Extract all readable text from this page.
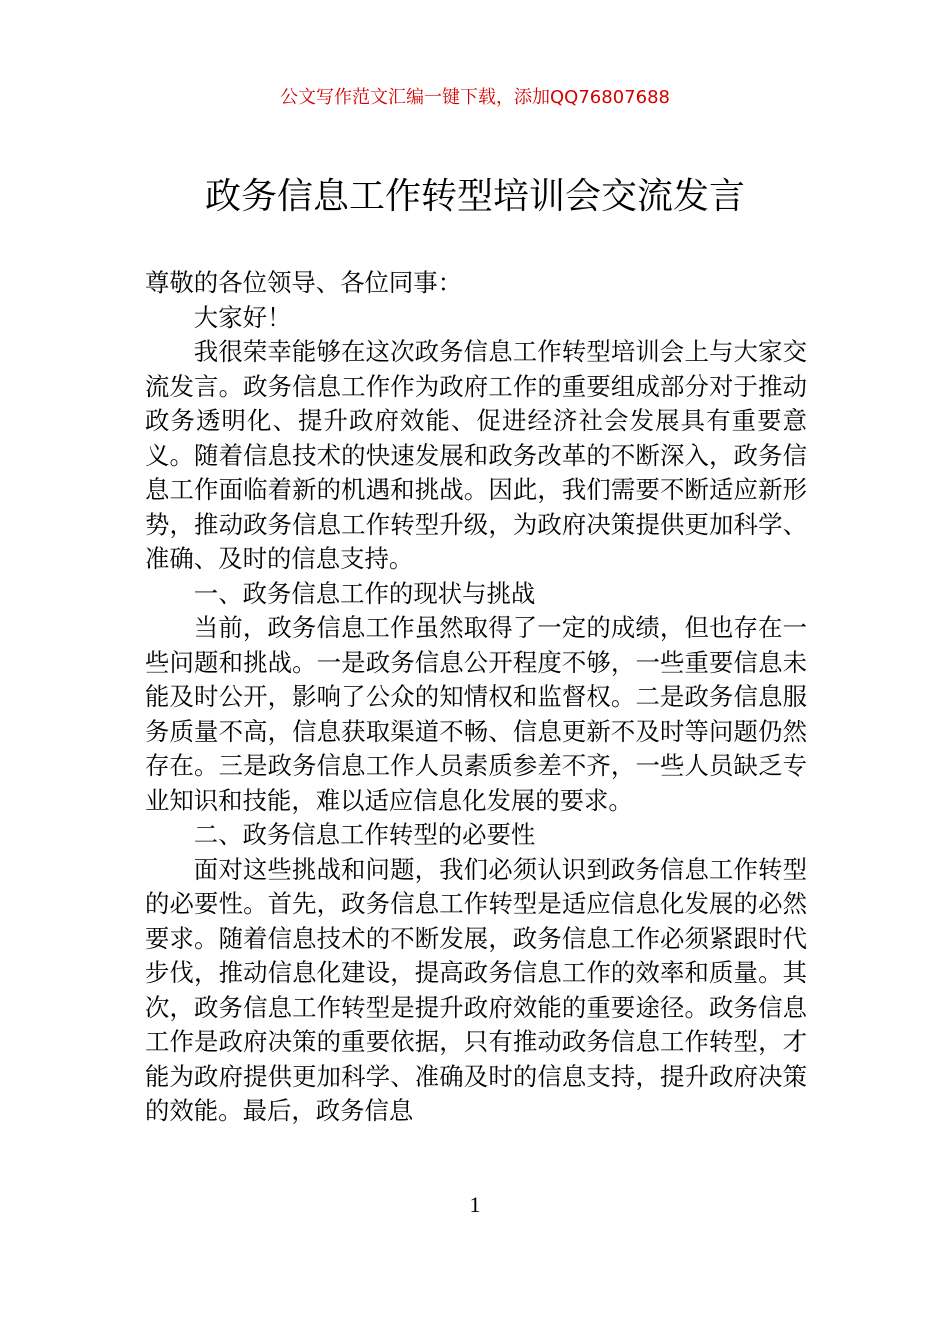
公文写作范文汇编一键下载，添加QQ76807688
政务信息工作转型培训会交流发言

尊敬的各位领导、各位同事：

大家好！

我很荣幸能够在这次政务信息工作转型培训会上与大家交流发言。政务信息工作作为政府工作的重要组成部分对于推动政务透明化、提升政府效能、促进经济社会发展具有重要意义。随着信息技术的快速发展和政务改革的不断深入，政务信息工作面临着新的机遇和挑战。因此，我们需要不断适应新形势，推动政务信息工作转型升级，为政府决策提供更加科学、准确、及时的信息支持。

一、政务信息工作的现状与挑战

当前，政务信息工作虽然取得了一定的成绩，但也存在一些问题和挑战。一是政务信息公开程度不够，一些重要信息未能及时公开，影响了公众的知情权和监督权。二是政务信息服务质量不高，信息获取渠道不畅、信息更新不及时等问题仍然存在。三是政务信息工作人员素质参差不齐，一些人员缺乏专业知识和技能，难以适应信息化发展的要求。

二、政务信息工作转型的必要性

面对这些挑战和问题，我们必须认识到政务信息工作转型的必要性。首先，政务信息工作转型是适应信息化发展的必然要求。随着信息技术的不断发展，政务信息工作必须紧跟时代步伐，推动信息化建设，提高政务信息工作的效率和质量。其次，政务信息工作转型是提升政府效能的重要途径。政务信息工作是政府决策的重要依据，只有推动政务信息工作转型，才能为政府提供更加科学、准确及时的信息支持，提升政府决策的效能。最后，政务信息

1
